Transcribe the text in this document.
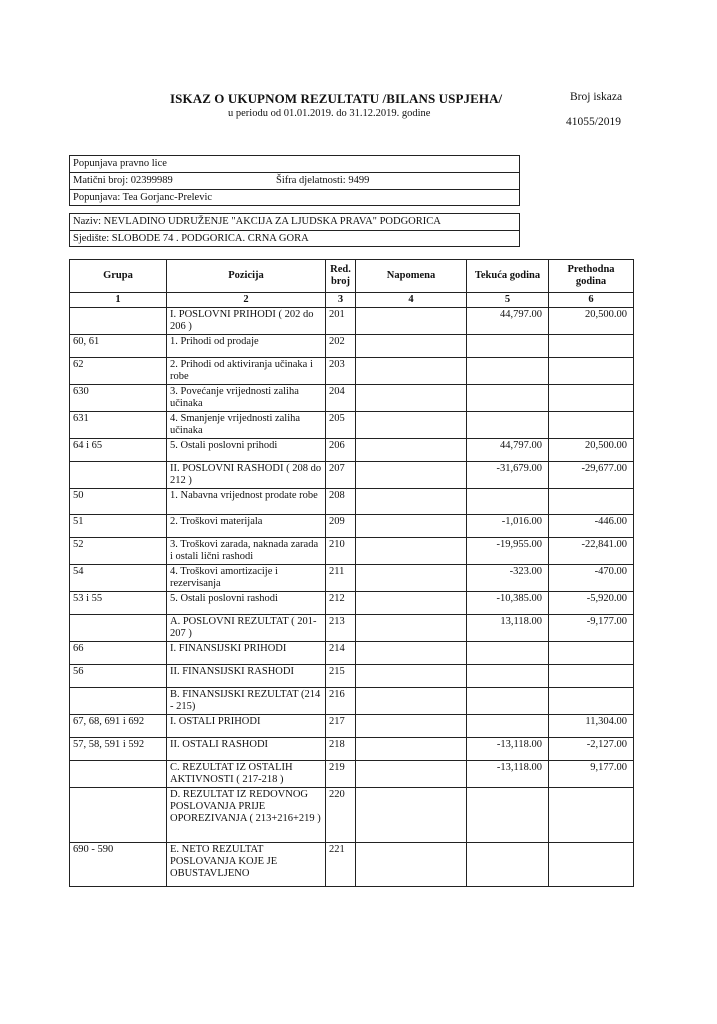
ISKAZ O UKUPNOM REZULTATU /BILANS USPJEHA/
u periodu od 01.01.2019. do 31.12.2019. godine
Broj iskaza
41055/2019
Popunjava pravno lice
Matični broj: 02399989	Šifra djelatnosti: 9499
Popunjava: Tea Gorjanc-Prelevic
Naziv: NEVLADINO UDRUŽENJE "AKCIJA ZA LJUDSKA PRAVA" PODGORICA
Sjedište: SLOBODE 74 . PODGORICA. CRNA GORA
Grupa	Pozicija	Red. broj	Napomena	Tekuća godina	Prethodna godina
1	2	3	4	5	6
	I. POSLOVNI PRIHODI ( 202 do 206 )	201		44,797.00	20,500.00
60, 61	1. Prihodi od prodaje	202			
62	2. Prihodi od aktiviranja učinaka i robe	203			
630	3. Povećanje vrijednosti zaliha učinaka	204			
631	4. Smanjenje vrijednosti zaliha učinaka	205			
64 i 65	5. Ostali poslovni prihodi	206		44,797.00	20,500.00
	II. POSLOVNI RASHODI ( 208 do 212 )	207		-31,679.00	-29,677.00
50	1. Nabavna vrijednost prodate robe	208			
51	2. Troškovi materijala	209		-1,016.00	-446.00
52	3. Troškovi zarada, naknada zarada i ostali lični rashodi	210		-19,955.00	-22,841.00
54	4. Troškovi amortizacije i rezervisanja	211		-323.00	-470.00
53 i 55	5. Ostali poslovni rashodi	212		-10,385.00	-5,920.00
	A. POSLOVNI REZULTAT ( 201-207 )	213		13,118.00	-9,177.00
66	I. FINANSIJSKI PRIHODI	214			
56	II. FINANSIJSKI RASHODI	215			
	B. FINANSIJSKI REZULTAT (214 - 215)	216			
67, 68, 691 i 692	I. OSTALI PRIHODI	217			11,304.00
57, 58, 591 i 592	II. OSTALI RASHODI	218		-13,118.00	-2,127.00
	C. REZULTAT IZ OSTALIH AKTIVNOSTI ( 217-218 )	219		-13,118.00	9,177.00
	D. REZULTAT IZ REDOVNOG POSLOVANJA PRIJE OPOREZIVANJA ( 213+216+219 )	220			
690 - 590	E. NETO REZULTAT POSLOVANJA KOJE JE OBUSTAVLJENO	221			
